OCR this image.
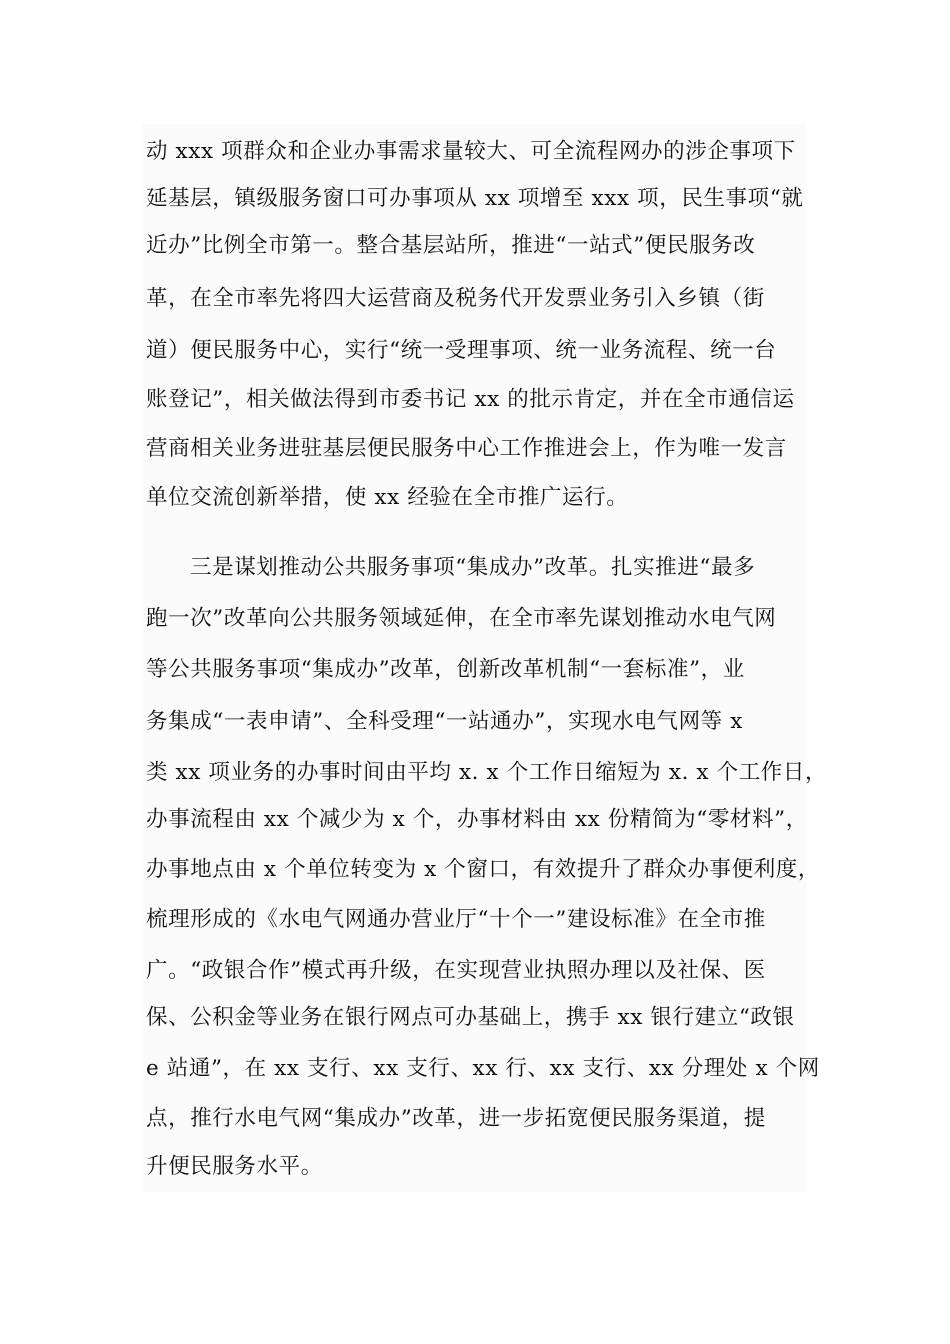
动 xxx 项群众和企业办事需求量较大、可全流程网办的涉企事项下
延基层，镇级服务窗口可办事项从 xx 项增至 xxx 项，民生事项“就
近办”比例全市第一。整合基层站所，推进“一站式”便民服务改
革，在全市率先将四大运营商及税务代开发票业务引入乡镇（街
道）便民服务中心，实行“统一受理事项、统一业务流程、统一台
账登记”，相关做法得到市委书记 xx 的批示肯定，并在全市通信运
营商相关业务进驻基层便民服务中心工作推进会上，作为唯一发言
单位交流创新举措，使 xx 经验在全市推广运行。
三是谋划推动公共服务事项“集成办”改革。扎实推进“最多
跑一次”改革向公共服务领域延伸，在全市率先谋划推动水电气网
等公共服务事项“集成办”改革，创新改革机制“一套标准”，业
务集成“一表申请”、全科受理“一站通办”，实现水电气网等 x
类 xx 项业务的办事时间由平均 x. x 个工作日缩短为 x. x 个工作日，
办事流程由 xx 个减少为 x 个，办事材料由 xx 份精简为“零材料”，
办事地点由 x 个单位转变为 x 个窗口，有效提升了群众办事便利度，
梳理形成的《水电气网通办营业厅“十个一”建设标准》在全市推
广。“政银合作”模式再升级，在实现营业执照办理以及社保、医
保、公积金等业务在银行网点可办基础上，携手 xx 银行建立“政银
e 站通”，在 xx 支行、xx 支行、xx 行、xx 支行、xx 分理处 x 个网
点，推行水电气网“集成办”改革，进一步拓宽便民服务渠道，提
升便民服务水平。
